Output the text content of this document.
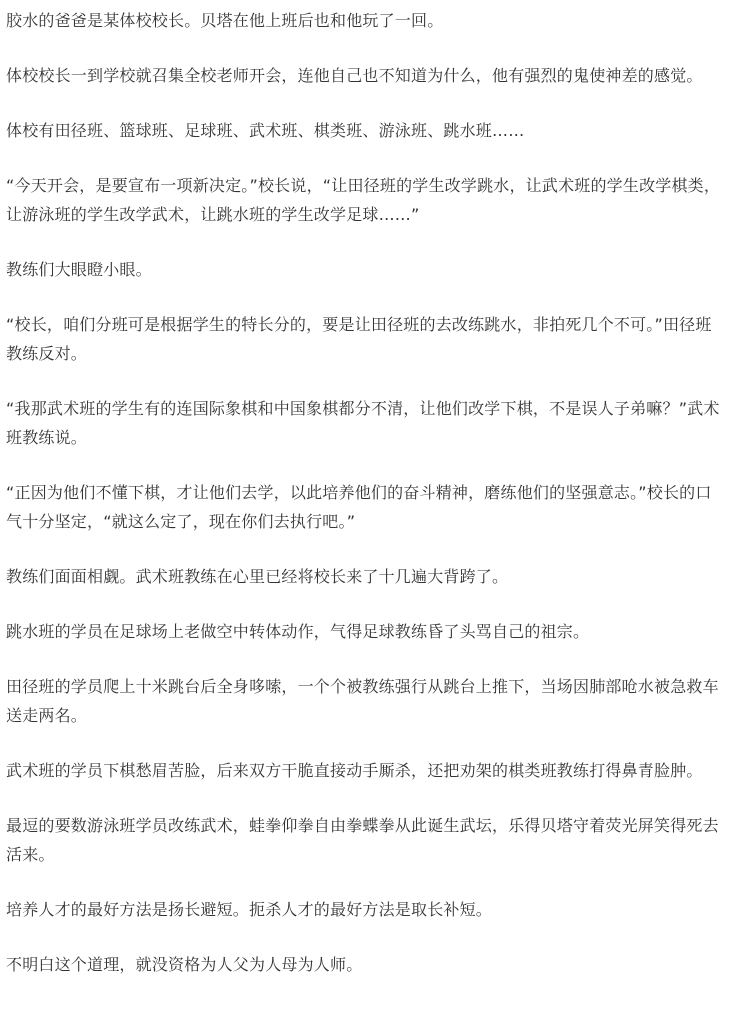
胶水的爸爸是某体校校长。贝塔在他上班后也和他玩了一回。

体校校长一到学校就召集全校老师开会，连他自己也不知道为什么，他有强烈的鬼使神差的感觉。

体校有田径班、篮球班、足球班、武术班、棋类班、游泳班、跳水班……

“今天开会，是要宣布一项新决定。”校长说，“让田径班的学生改学跳水，让武术班的学生改学棋类，让游泳班的学生改学武术，让跳水班的学生改学足球……”

教练们大眼瞪小眼。

“校长，咱们分班可是根据学生的特长分的，要是让田径班的去改练跳水，非拍死几个不可。”田径班教练反对。

“我那武术班的学生有的连国际象棋和中国象棋都分不清，让他们改学下棋，不是误人子弟嘛？”武术班教练说。

“正因为他们不懂下棋，才让他们去学，以此培养他们的奋斗精神，磨练他们的坚强意志。”校长的口气十分坚定，“就这么定了，现在你们去执行吧。”

教练们面面相觑。武术班教练在心里已经将校长来了十几遍大背跨了。

跳水班的学员在足球场上老做空中转体动作，气得足球教练昏了头骂自己的祖宗。

田径班的学员爬上十米跳台后全身哆嗦，一个个被教练强行从跳台上推下，当场因肺部呛水被急救车送走两名。

武术班的学员下棋愁眉苦脸，后来双方干脆直接动手厮杀，还把劝架的棋类班教练打得鼻青脸肿。

最逗的要数游泳班学员改练武术，蛙拳仰拳自由拳蝶拳从此诞生武坛，乐得贝塔守着荧光屏笑得死去活来。

培养人才的最好方法是扬长避短。扼杀人才的最好方法是取长补短。

不明白这个道理，就没资格为人父为人母为人师。
